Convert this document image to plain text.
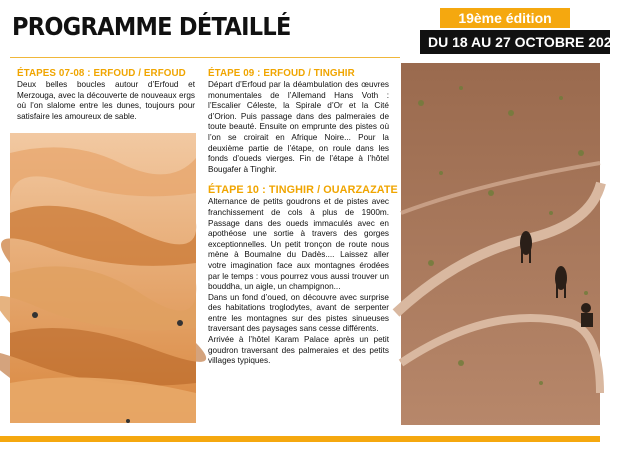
PROGRAMME DÉTAILLÉ	19ème édition
DU 18 AU 27 OCTOBRE 2024

ÉTAPES 07-08 : ERFOUD / ERFOUD

Deux belles boucles autour d’Erfoud et Merzouga, avec la découverte de nouveaux ergs où l’on slalome entre les dunes, toujours pour satisfaire les amoureux de sable.

ÉTAPE 09 : ERFOUD / TINGHIR

Départ d’Erfoud par la déambulation des œuvres monumentales de l’Allemand Hans Voth : l’Escalier Céleste, la Spirale d’Or et la Cité d’Orion. Puis passage dans des palmeraies de toute beauté. Ensuite on emprunte des pistes où l’on se croirait en Afrique Noire... Pour la deuxième partie de l’étape, on roule dans les fonds d’oueds vierges. Fin de l’étape à l’hôtel Bougafer à Tinghir.

ÉTAPE 10 : TINGHIR / OUARZAZATE

Alternance de petits goudrons et de pistes avec franchissement de cols à plus de 1900m. Passage dans des oueds immaculés avec en apothéose une sortie à travers des gorges exceptionnelles. Un petit tronçon de route nous mène à Boumalne du Dadès.... Laissez aller votre imagination face aux montagnes érodées par le temps : vous pourrez vous aussi trouver un bouddha, un aigle, un champignon...

Dans un fond d’oued, on découvre avec surprise des habitations troglodytes, avant de serpenter entre les montagnes sur des pistes sinueuses traversant des paysages sans cesse différents.

Arrivée à l’hôtel Karam Palace après un petit goudron traversant des palmeraies et des petits villages typiques.
